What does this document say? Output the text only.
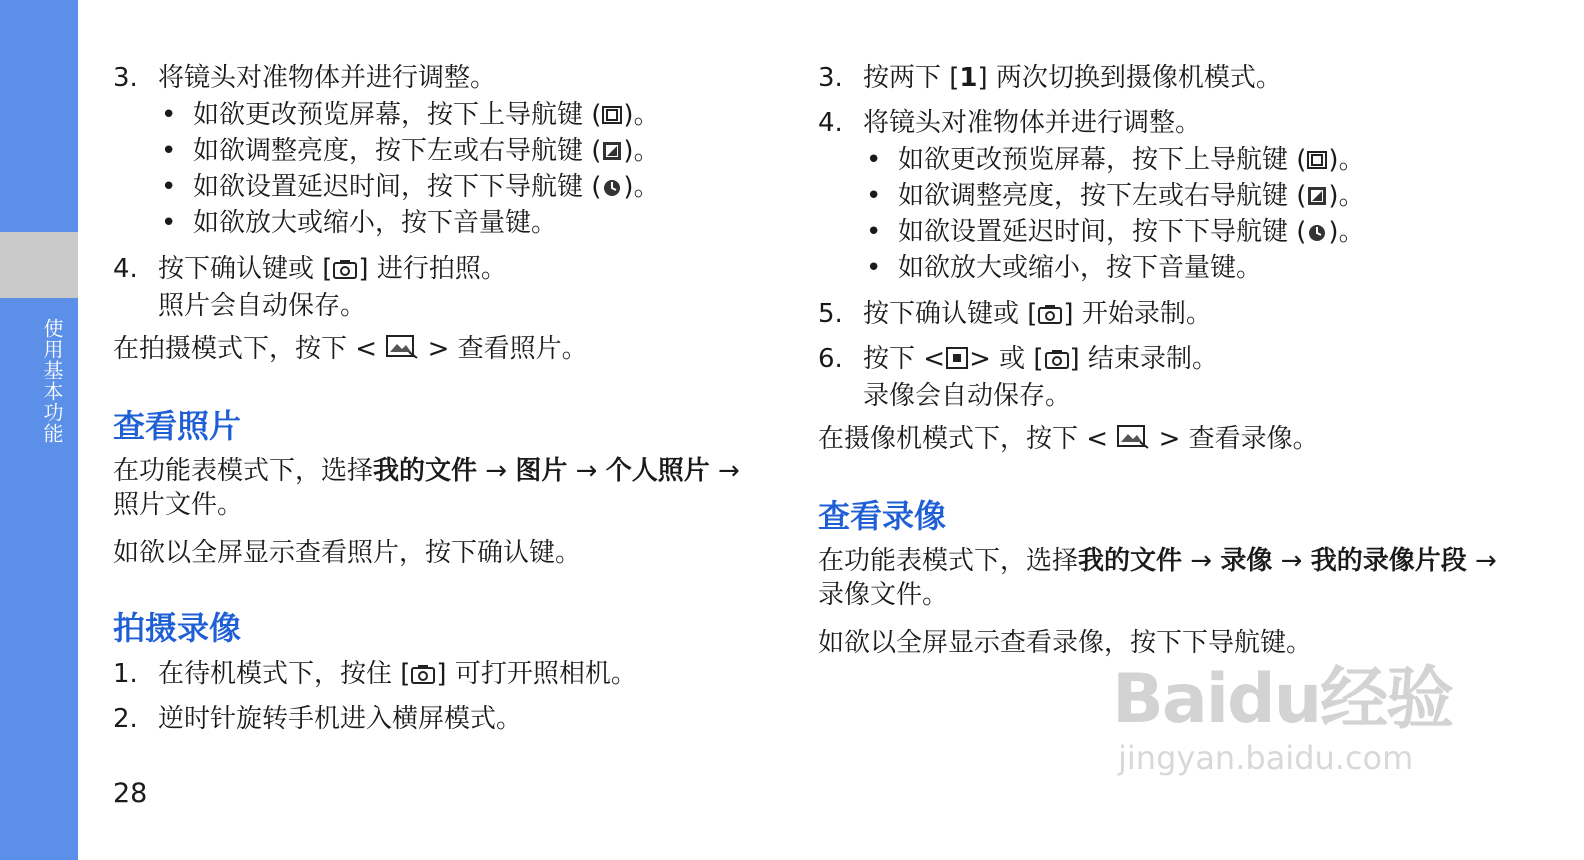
使用基本功能
3. 将镜头对准物体并进行调整。
• 如欲更改预览屏幕，按下上导航键 ( )。
• 如欲调整亮度，按下左或右导航键 ( )。
• 如欲设置延迟时间，按下下导航键 ( )。
• 如欲放大或缩小，按下音量键。
4. 按下确认键或 [ ] 进行拍照。
照片会自动保存。
在拍摄模式下，按下 <  > 查看照片。
查看照片

在功能表模式下，选择我的文件 → 图片 → 个人照片 → 照片文件。

如欲以全屏显示查看照片，按下确认键。

拍摄录像
1. 在待机模式下，按住 [ ] 可打开照相机。
2. 逆时针旋转手机进入横屏模式。
3. 按两下 [1] 两次切换到摄像机模式。
4. 将镜头对准物体并进行调整。
• 如欲更改预览屏幕，按下上导航键 ( )。
• 如欲调整亮度，按下左或右导航键 ( )。
• 如欲设置延迟时间，按下下导航键 ( )。
• 如欲放大或缩小，按下音量键。
5. 按下确认键或 [ ] 开始录制。
6. 按下 < > 或 [ ] 结束录制。
录像会自动保存。
在摄像机模式下，按下 <  > 查看录像。
查看录像

在功能表模式下，选择我的文件 → 录像 → 我的录像片段 → 录像文件。

如欲以全屏显示查看录像，按下下导航键。

28
Baidu经验
jingyan.baidu.com
